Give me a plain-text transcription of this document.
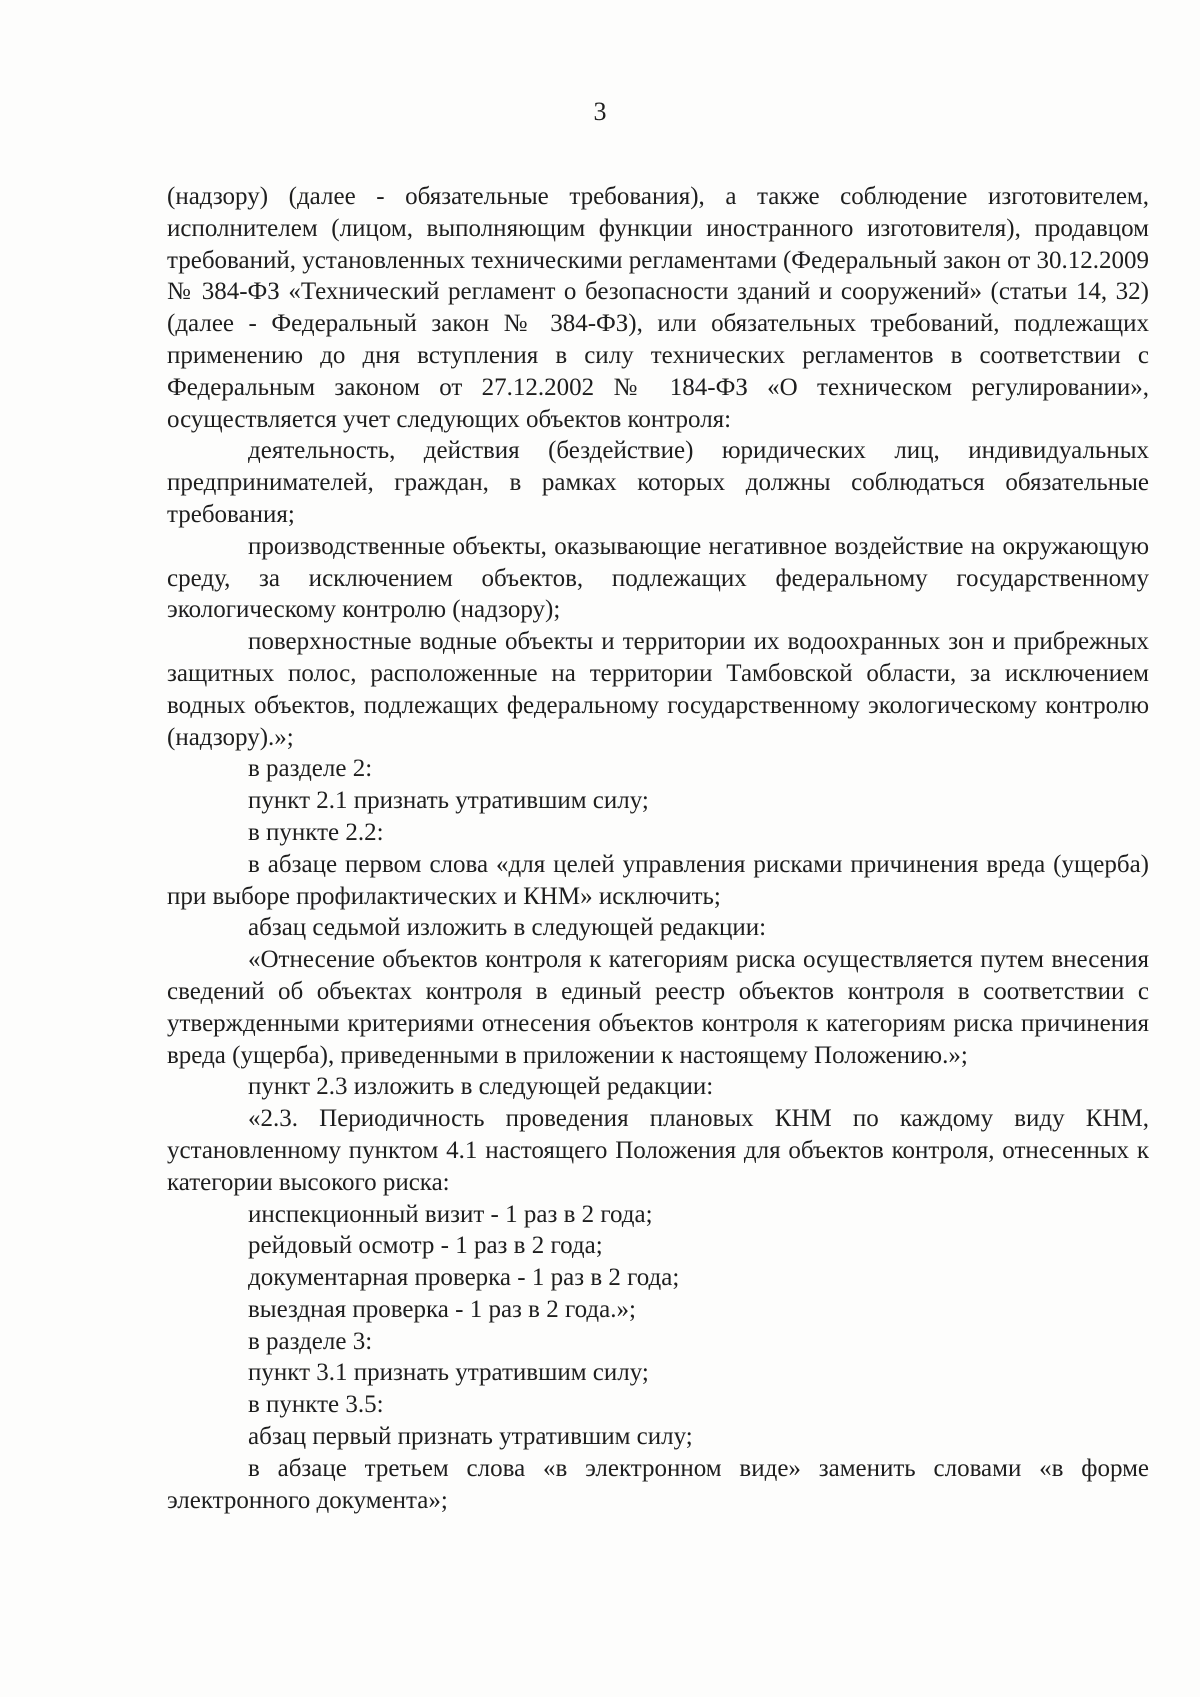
3

(надзору) (далее - обязательные требования), а также соблюдение изготовителем, исполнителем (лицом, выполняющим функции иностранного изготовителя), продавцом требований, установленных техническими регламентами (Федеральный закон от 30.12.2009 № 384-ФЗ «Технический регламент о безопасности зданий и сооружений» (статьи 14, 32) (далее - Федеральный закон № 384-ФЗ), или обязательных требований, подлежащих применению до дня вступления в силу технических регламентов в соответствии с Федеральным законом от 27.12.2002 № 184-ФЗ «О техническом регулировании», осуществляется учет следующих объектов контроля:

деятельность, действия (бездействие) юридических лиц, индивидуальных предпринимателей, граждан, в рамках которых должны соблюдаться обязательные требования;

производственные объекты, оказывающие негативное воздействие на окружающую среду, за исключением объектов, подлежащих федеральному государственному экологическому контролю (надзору);

поверхностные водные объекты и территории их водоохранных зон и прибрежных защитных полос, расположенные на территории Тамбовской области, за исключением водных объектов, подлежащих федеральному государственному экологическому контролю (надзору).»;

в разделе 2:

пункт 2.1 признать утратившим силу;

в пункте 2.2:

в абзаце первом слова «для целей управления рисками причинения вреда (ущерба) при выборе профилактических и КНМ» исключить;

абзац седьмой изложить в следующей редакции:

«Отнесение объектов контроля к категориям риска осуществляется путем внесения сведений об объектах контроля в единый реестр объектов контроля в соответствии с утвержденными критериями отнесения объектов контроля к категориям риска причинения вреда (ущерба), приведенными в приложении к настоящему Положению.»;

пункт 2.3 изложить в следующей редакции:

«2.3. Периодичность проведения плановых КНМ по каждому виду КНМ, установленному пунктом 4.1 настоящего Положения для объектов контроля, отнесенных к категории высокого риска:

инспекционный визит - 1 раз в 2 года;

рейдовый осмотр - 1 раз в 2 года;

документарная проверка - 1 раз в 2 года;

выездная проверка - 1 раз в 2 года.»;

в разделе 3:

пункт 3.1 признать утратившим силу;

в пункте 3.5:

абзац первый признать утратившим силу;

в абзаце третьем слова «в электронном виде» заменить словами «в форме электронного документа»;
